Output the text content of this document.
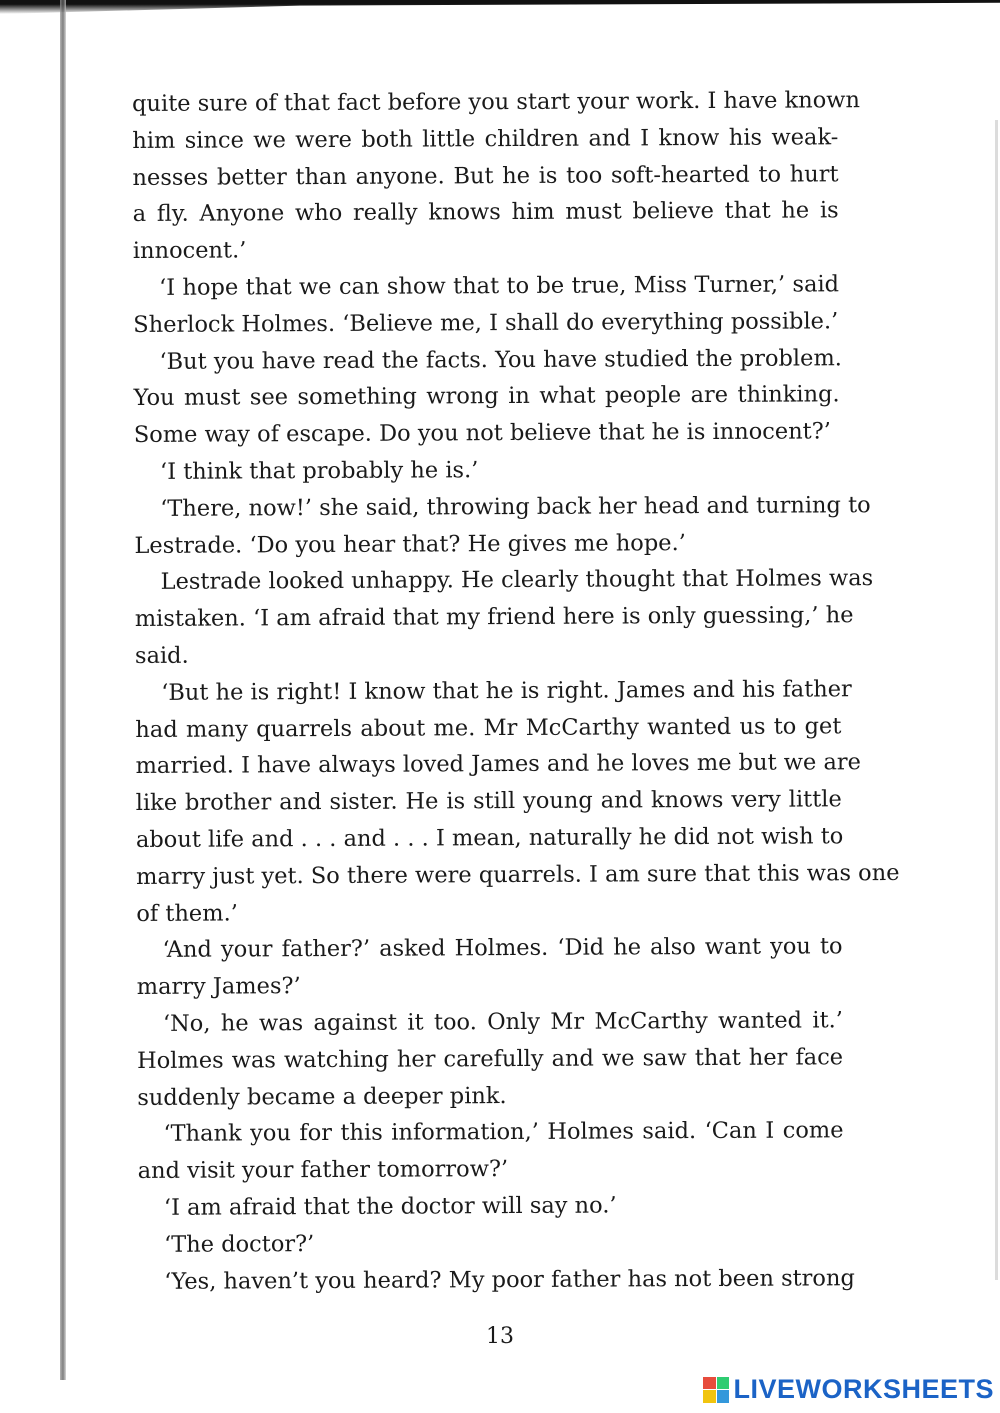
quite sure of that fact before you start your work. I have known
him since we were both little children and I know his weak-
nesses better than anyone. But he is too soft-hearted to hurt
a fly. Anyone who really knows him must believe that he is
innocent.’
‘I hope that we can show that to be true, Miss Turner,’ said
Sherlock Holmes. ‘Believe me, I shall do everything possible.’
‘But you have read the facts. You have studied the problem.
You must see something wrong in what people are thinking.
Some way of escape. Do you not believe that he is innocent?’
‘I think that probably he is.’
‘There, now!’ she said, throwing back her head and turning to
Lestrade. ‘Do you hear that? He gives me hope.’
Lestrade looked unhappy. He clearly thought that Holmes was
mistaken. ‘I am afraid that my friend here is only guessing,’ he
said.
‘But he is right! I know that he is right. James and his father
had many quarrels about me. Mr McCarthy wanted us to get
married. I have always loved James and he loves me but we are
like brother and sister. He is still young and knows very little
about life and . . . and . . . I mean, naturally he did not wish to
marry just yet. So there were quarrels. I am sure that this was one
of them.’
‘And your father?’ asked Holmes. ‘Did he also want you to
marry James?’
‘No, he was against it too. Only Mr McCarthy wanted it.’
Holmes was watching her carefully and we saw that her face
suddenly became a deeper pink.
‘Thank you for this information,’ Holmes said. ‘Can I come
and visit your father tomorrow?’
‘I am afraid that the doctor will say no.’
‘The doctor?’
‘Yes, haven’t you heard? My poor father has not been strong
13
LIVEWORKSHEETS
